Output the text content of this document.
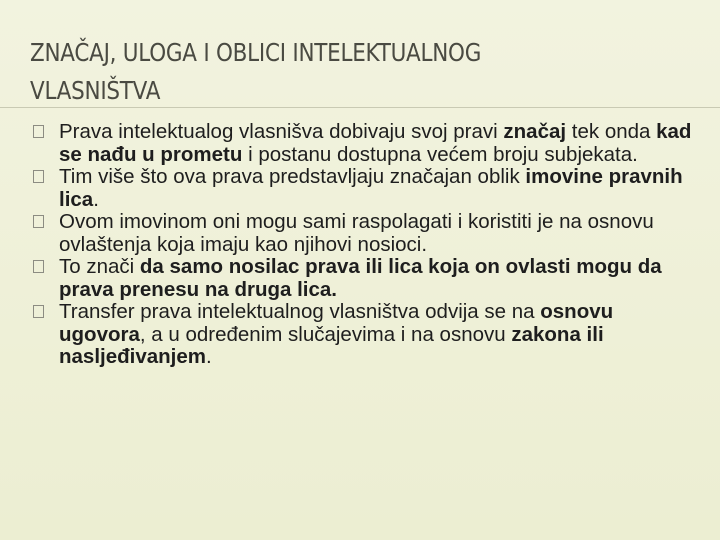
ZNAČAJ, ULOGA I OBLICI INTELEKTUALNOG VLASNIŠTVA
Prava intelektualog vlasnišva dobivaju svoj pravi značaj tek onda kad se nađu u prometu i postanu dostupna većem broju subjekata.
Tim više što ova prava predstavljaju značajan oblik imovine pravnih lica.
Ovom imovinom oni mogu sami raspolagati i koristiti je na osnovu ovlaštenja koja imaju kao njihovi nosioci.
To znači da samo nosilac prava ili lica koja on ovlasti mogu da prava prenesu na druga lica.
Transfer prava intelektualnog vlasništva odvija se na osnovu ugovora, a u određenim slučajevima i na osnovu zakona ili nasljeđivanjem.
